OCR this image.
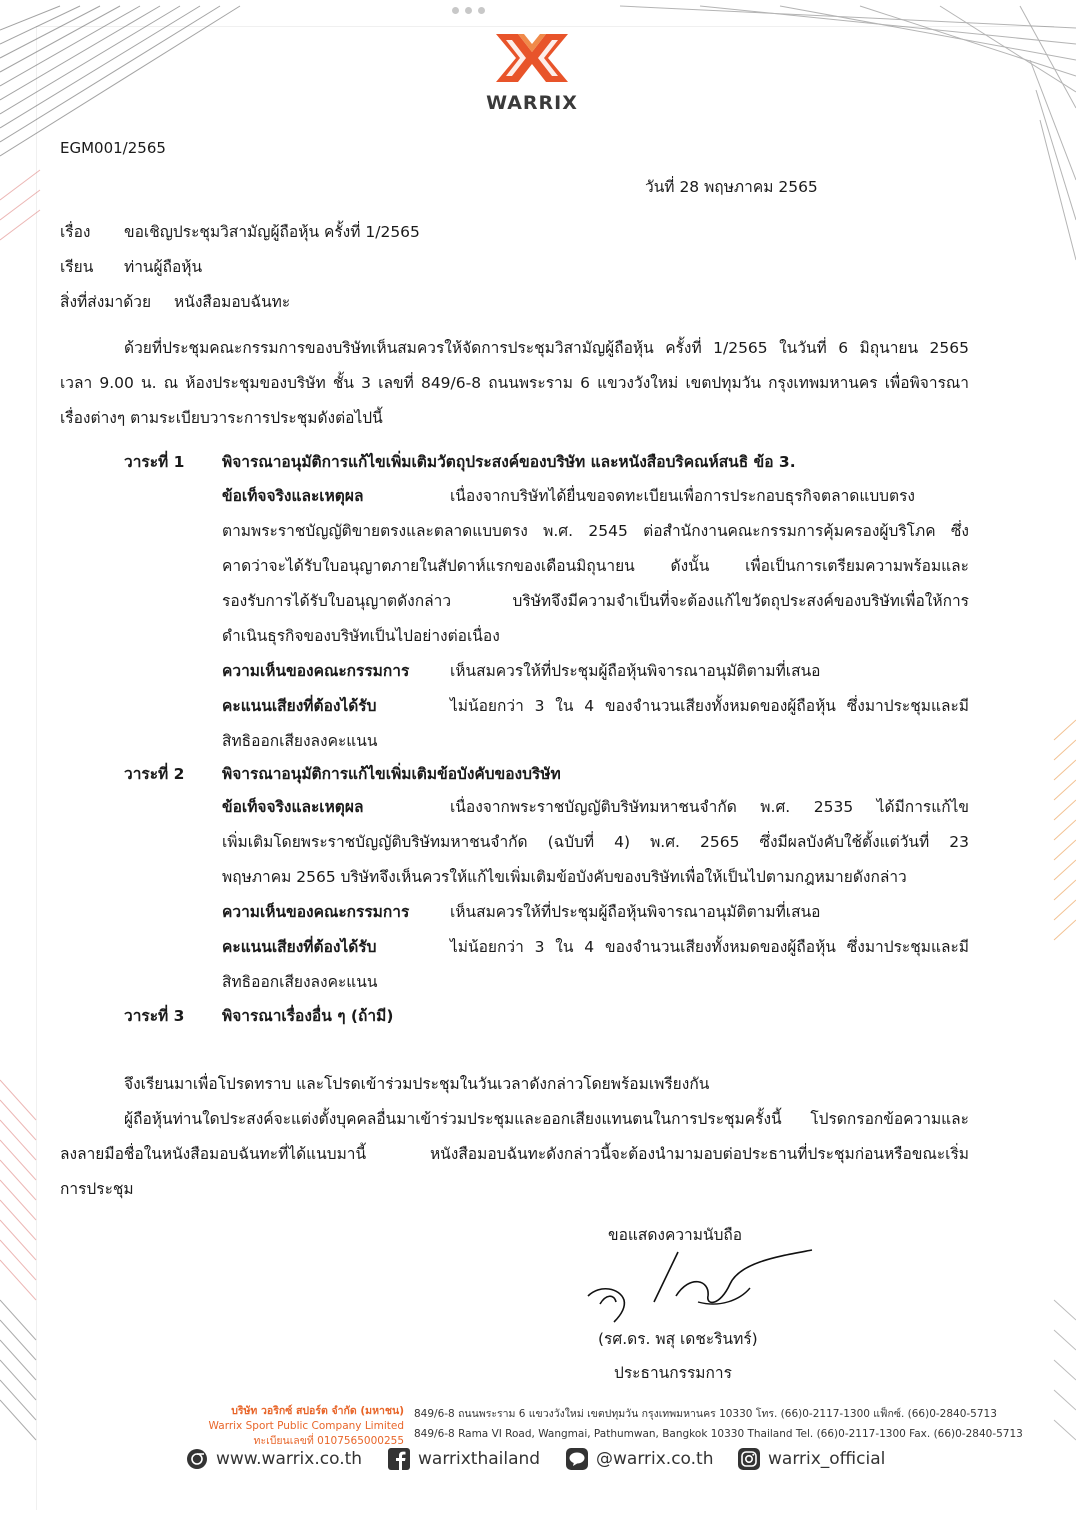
WARRIX
EGM001/2565
วันที่ 28 พฤษภาคม 2565
เรื่อง ขอเชิญประชุมวิสามัญผู้ถือหุ้น ครั้งที่ 1/2565
เรียน ท่านผู้ถือหุ้น
สิ่งที่ส่งมาด้วย หนังสือมอบฉันทะ
ด้วยที่ประชุมคณะกรรมการของบริษัทเห็นสมควรให้จัดการประชุมวิสามัญผู้ถือหุ้น ครั้งที่ 1/2565 ในวันที่ 6 มิถุนายน 2565
เวลา 9.00 น. ณ ห้องประชุมของบริษัท ชั้น 3 เลขที่ 849/6-8 ถนนพระราม 6 แขวงวังใหม่ เขตปทุมวัน กรุงเทพมหานคร เพื่อพิจารณา
เรื่องต่างๆ ตามระเบียบวาระการประชุมดังต่อไปนี้
วาระที่ 1 พิจารณาอนุมัติการแก้ไขเพิ่มเติมวัตถุประสงค์ของบริษัท และหนังสือบริคณห์สนธิ ข้อ 3.
ข้อเท็จจริงและเหตุผล	เนื่องจากบริษัทได้ยื่นขอจดทะเบียนเพื่อการประกอบธุรกิจตลาดแบบตรง
ตามพระราชบัญญัติขายตรงและตลาดแบบตรง พ.ศ. 2545 ต่อสำนักงานคณะกรรมการคุ้มครองผู้บริโภค ซึ่ง
คาดว่าจะได้รับใบอนุญาตภายในสัปดาห์แรกของเดือนมิถุนายน ดังนั้น เพื่อเป็นการเตรียมความพร้อมและ
รองรับการได้รับใบอนุญาตดังกล่าว บริษัทจึงมีความจำเป็นที่จะต้องแก้ไขวัตถุประสงค์ของบริษัทเพื่อให้การ
ดำเนินธุรกิจของบริษัทเป็นไปอย่างต่อเนื่อง
ความเห็นของคณะกรรมการ	เห็นสมควรให้ที่ประชุมผู้ถือหุ้นพิจารณาอนุมัติตามที่เสนอ
คะแนนเสียงที่ต้องได้รับ	ไม่น้อยกว่า 3 ใน 4 ของจำนวนเสียงทั้งหมดของผู้ถือหุ้น ซึ่งมาประชุมและมี
สิทธิออกเสียงลงคะแนน
วาระที่ 2 พิจารณาอนุมัติการแก้ไขเพิ่มเติมข้อบังคับของบริษัท
ข้อเท็จจริงและเหตุผล	เนื่องจากพระราชบัญญัติบริษัทมหาชนจำกัด พ.ศ. 2535 ได้มีการแก้ไข
เพิ่มเติมโดยพระราชบัญญัติบริษัทมหาชนจำกัด (ฉบับที่ 4) พ.ศ. 2565 ซึ่งมีผลบังคับใช้ตั้งแต่วันที่ 23
พฤษภาคม 2565 บริษัทจึงเห็นควรให้แก้ไขเพิ่มเติมข้อบังคับของบริษัทเพื่อให้เป็นไปตามกฎหมายดังกล่าว
ความเห็นของคณะกรรมการ	เห็นสมควรให้ที่ประชุมผู้ถือหุ้นพิจารณาอนุมัติตามที่เสนอ
คะแนนเสียงที่ต้องได้รับ	ไม่น้อยกว่า 3 ใน 4 ของจำนวนเสียงทั้งหมดของผู้ถือหุ้น ซึ่งมาประชุมและมี
สิทธิออกเสียงลงคะแนน
วาระที่ 3 พิจารณาเรื่องอื่น ๆ (ถ้ามี)
จึงเรียนมาเพื่อโปรดทราบ และโปรดเข้าร่วมประชุมในวันเวลาดังกล่าวโดยพร้อมเพรียงกัน
ผู้ถือหุ้นท่านใดประสงค์จะแต่งตั้งบุคคลอื่นมาเข้าร่วมประชุมและออกเสียงแทนตนในการประชุมครั้งนี้ โปรดกรอกข้อความและ
ลงลายมือชื่อในหนังสือมอบฉันทะที่ได้แนบมานี้ หนังสือมอบฉันทะดังกล่าวนี้จะต้องนำมามอบต่อประธานที่ประชุมก่อนหรือขณะเริ่ม
การประชุม
ขอแสดงความนับถือ
(รศ.ดร. พสุ เดชะรินทร์)
ประธานกรรมการ
บริษัท วอริกซ์ สปอร์ต จำกัด (มหาชน)
Warrix Sport Public Company Limited
ทะเบียนเลขที่ 0107565000255
849/6-8 ถนนพระราม 6 แขวงวังใหม่ เขตปทุมวัน กรุงเทพมหานคร 10330 โทร. (66)0-2117-1300 แฟ็กซ์. (66)0-2840-5713
849/6-8 Rama VI Road, Wangmai, Pathumwan, Bangkok 10330 Thailand Tel. (66)0-2117-1300 Fax. (66)0-2840-5713
www.warrix.co.th	warrixthailand	@warrix.co.th	warrix_official
